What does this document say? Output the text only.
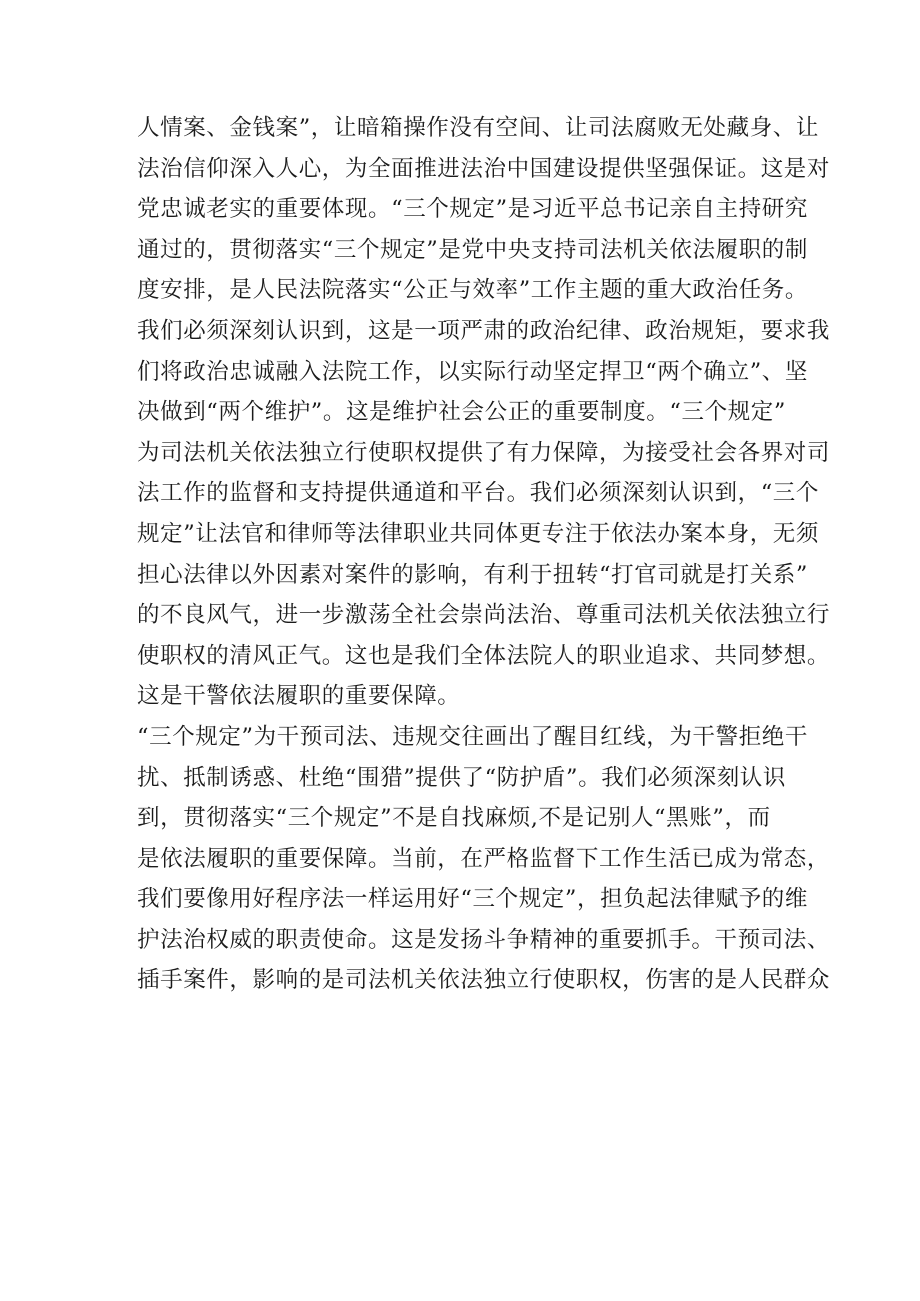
人情案、金钱案”，让暗箱操作没有空间、让司法腐败无处藏身、让
法治信仰深入人心，为全面推进法治中国建设提供坚强保证。这是对
党忠诚老实的重要体现。“三个规定”是习近平总书记亲自主持研究
通过的，贯彻落实“三个规定”是党中央支持司法机关依法履职的制
度安排，是人民法院落实“公正与效率”工作主题的重大政治任务。
我们必须深刻认识到，这是一项严肃的政治纪律、政治规矩，要求我
们将政治忠诚融入法院工作，以实际行动坚定捍卫“两个确立”、坚
决做到“两个维护”。这是维护社会公正的重要制度。“三个规定”
为司法机关依法独立行使职权提供了有力保障，为接受社会各界对司
法工作的监督和支持提供通道和平台。我们必须深刻认识到，“三个
规定”让法官和律师等法律职业共同体更专注于依法办案本身，无须
担心法律以外因素对案件的影响，有利于扭转“打官司就是打关系”
的不良风气，进一步激荡全社会崇尚法治、尊重司法机关依法独立行
使职权的清风正气。这也是我们全体法院人的职业追求、共同梦想。
这是干警依法履职的重要保障。
“三个规定”为干预司法、违规交往画出了醒目红线，为干警拒绝干
扰、抵制诱惑、杜绝“围猎”提供了“防护盾”。我们必须深刻认识
到，贯彻落实“三个规定”不是自找麻烦,不是记别人“黑账”，而
是依法履职的重要保障。当前，在严格监督下工作生活已成为常态，
我们要像用好程序法一样运用好“三个规定”，担负起法律赋予的维
护法治权威的职责使命。这是发扬斗争精神的重要抓手。干预司法、
插手案件，影响的是司法机关依法独立行使职权，伤害的是人民群众
